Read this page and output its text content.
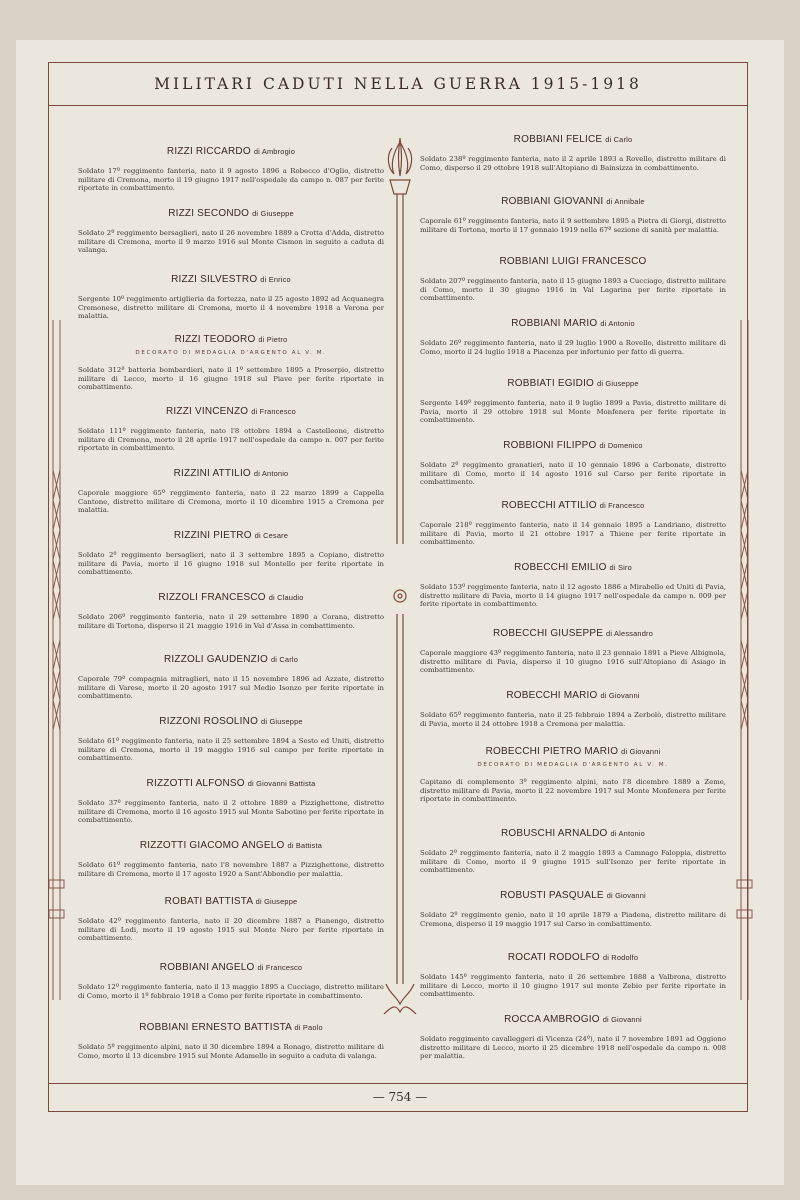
MILITARI CADUTI NELLA GUERRA 1915-1918
RIZZI RICCARDO di Ambrogio
Soldato 17º reggimento fanteria, nato il 9 agosto 1896 a Robecco d'Oglio, distretto militare di Cremona, morto il 19 giugno 1917 nell'ospedale da campo n. 087 per ferite riportate in combattimento.
RIZZI SECONDO di Giuseppe
Soldato 2º reggimento bersaglieri, nato il 26 novembre 1889 a Crotta d'Adda, distretto militare di Cremona, morto il 9 marzo 1916 sul Monte Cismon in seguito a caduta di valanga.
RIZZI SILVESTRO di Enrico
Sergente 10º reggimento artiglieria da fortezza, nato il 25 agosto 1892 ad Acquanegra Cremonese, distretto militare di Cremona, morto il 4 novembre 1918 a Verona per malattia.
RIZZI TEODORO di Pietro
DECORATO DI MEDAGLIA D'ARGENTO AL V. M.
Soldato 312ª batteria bombardieri, nato il 1º settembre 1895 a Proserpio, distretto militare di Lecco, morto il 16 giugno 1918 sul Piave per ferite riportate in combattimento.
RIZZI VINCENZO di Francesco
Soldato 111º reggimento fanteria, nato l'8 ottobre 1894 a Castelleone, distretto militare di Cremona, morto il 28 aprile 1917 nell'ospedale da campo n. 007 per ferite riportate in combattimento.
RIZZINI ATTILIO di Antonio
Caporale maggiore 65º reggimento fanteria, nato il 22 marzo 1899 a Cappella Cantone, distretto militare di Cremona, morto il 10 dicembre 1915 a Cremona per malattia.
RIZZINI PIETRO di Cesare
Soldato 2º reggimento bersaglieri, nato il 3 settembre 1895 a Copiano, distretto militare di Pavia, morto il 16 giugno 1918 sul Montello per ferite riportate in combattimento.
RIZZOLI FRANCESCO di Claudio
Soldato 206º reggimento fanteria, nato il 29 settembre 1890 a Corana, distretto militare di Tortona, disperso il 21 maggio 1916 in Val d'Assa in combattimento.
RIZZOLI GAUDENZIO di Carlo
Caporale 79ª compagnia mitraglieri, nato il 15 novembre 1896 ad Azzate, distretto militare di Varese, morto il 20 agosto 1917 sul Medio Isonzo per ferite riportate in combattimento.
RIZZONI ROSOLINO di Giuseppe
Soldato 61º reggimento fanteria, nato il 25 settembre 1894 a Sesto ed Uniti, distretto militare di Cremona, morto il 19 maggio 1916 sul campo per ferite riportate in combattimento.
RIZZOTTI ALFONSO di Giovanni Battista
Soldato 37º reggimento fanteria, nato il 2 ottobre 1889 a Pizzighettone, distretto militare di Cremona, morto il 16 agosto 1915 sul Monte Sabotino per ferite riportate in combattimento.
RIZZOTTI GIACOMO ANGELO di Battista
Soldato 61º reggimento fanteria, nato l'8 novembre 1887 a Pizzighettone, distretto militare di Cremona, morto il 17 agosto 1920 a Sant'Abbondio per malattia.
ROBATI BATTISTA di Giuseppe
Soldato 42º reggimento fanteria, nato il 20 dicembre 1887 a Pianengo, distretto militare di Lodi, morto il 19 agosto 1915 sul Monte Nero per ferite riportate in combattimento.
ROBBIANI ANGELO di Francesco
Soldato 12º reggimento fanteria, nato il 13 maggio 1895 a Cucciago, distretto militare di Como, morto il 1º febbraio 1918 a Como per ferite riportate in combattimento.
ROBBIANI ERNESTO BATTISTA di Paolo
Soldato 5º reggimento alpini, nato il 30 dicembre 1894 a Ronago, distretto militare di Como, morto il 13 dicembre 1915 sul Monte Adamello in seguito a caduta di valanga.
ROBBIANI FELICE di Carlo
Soldato 238º reggimento fanteria, nato il 2 aprile 1893 a Rovello, distretto militare di Como, disperso il 29 ottobre 1918 sull'Altopiano di Bainsizza in combattimento.
ROBBIANI GIOVANNI di Annibale
Caporale 61º reggimento fanteria, nato il 9 settembre 1895 a Pietra di Giorgi, distretto militare di Tortona, morto il 17 gennaio 1919 nella 67ª sezione di sanità per malattia.
ROBBIANI LUIGI FRANCESCO
Soldato 207º reggimento fanteria, nato il 15 giugno 1893 a Cucciago, distretto militare di Como, morto il 30 giugno 1916 in Val Lagarina per ferite riportate in combattimento.
ROBBIANI MARIO di Antonio
Soldato 26º reggimento fanteria, nato il 29 luglio 1900 a Rovello, distretto militare di Como, morto il 24 luglio 1918 a Piacenza per infortunio per fatto di guerra.
ROBBIATI EGIDIO di Giuseppe
Sergente 149º reggimento fanteria, nato il 9 luglio 1899 a Pavia, distretto militare di Pavia, morto il 29 ottobre 1918 sul Monte Monfenera per ferite riportate in combattimento.
ROBBIONI FILIPPO di Domenico
Soldato 2º reggimento granatieri, nato il 10 gennaio 1896 a Carbonate, distretto militare di Como, morto il 14 agosto 1916 sul Carso per ferite riportate in combattimento.
ROBECCHI ATTILIO di Francesco
Caporale 218º reggimento fanteria, nato il 14 gennaio 1895 a Landriano, distretto militare di Pavia, morto il 21 ottobre 1917 a Thiene per ferite riportate in combattimento.
ROBECCHI EMILIO di Siro
Soldato 153º reggimento fanteria, nato il 12 agosto 1886 a Mirabello ed Uniti di Pavia, distretto militare di Pavia, morto il 14 giugno 1917 nell'ospedale da campo n. 009 per ferite riportate in combattimento.
ROBECCHI GIUSEPPE di Alessandro
Caporale maggiore 43º reggimento fanteria, nato il 23 gennaio 1891 a Pieve Albignola, distretto militare di Pavia, disperso il 10 giugno 1916 sull'Altopiano di Asiago in combattimento.
ROBECCHI MARIO di Giovanni
Soldato 65º reggimento fanteria, nato il 25 febbraio 1894 a Zerbolò, distretto militare di Pavia, morto il 24 ottobre 1918 a Cremona per malattia.
ROBECCHI PIETRO MARIO di Giovanni
DECORATO DI MEDAGLIA D'ARGENTO AL V. M.
Capitano di complemento 3º reggimento alpini, nato l'8 dicembre 1889 a Zeme, distretto militare di Pavia, morto il 22 novembre 1917 sul Monte Monfenera per ferite riportate in combattimento.
ROBUSCHI ARNALDO di Antonio
Soldato 2º reggimento fanteria, nato il 2 maggio 1893 a Camnago Faloppia, distretto militare di Como, morto il 9 giugno 1915 sull'Isonzo per ferite riportate in combattimento.
ROBUSTI PASQUALE di Giovanni
Soldato 2º reggimento genio, nato il 10 aprile 1879 a Piadena, distretto militare di Cremona, disperso il 19 maggio 1917 sul Carso in combattimento.
ROCATI RODOLFO di Rodolfo
Soldato 145º reggimento fanteria, nato il 26 settembre 1888 a Valbrona, distretto militare di Lecco, morto il 10 giugno 1917 sul monte Zebio per ferite riportate in combattimento.
ROCCA AMBROGIO di Giovanni
Soldato reggimento cavalleggeri di Vicenza (24º), nato il 7 novembre 1891 ad Oggiono distretto militare di Lecco, morto il 25 dicembre 1918 nell'ospedale da campo n. 008 per malattia.
— 754 —
